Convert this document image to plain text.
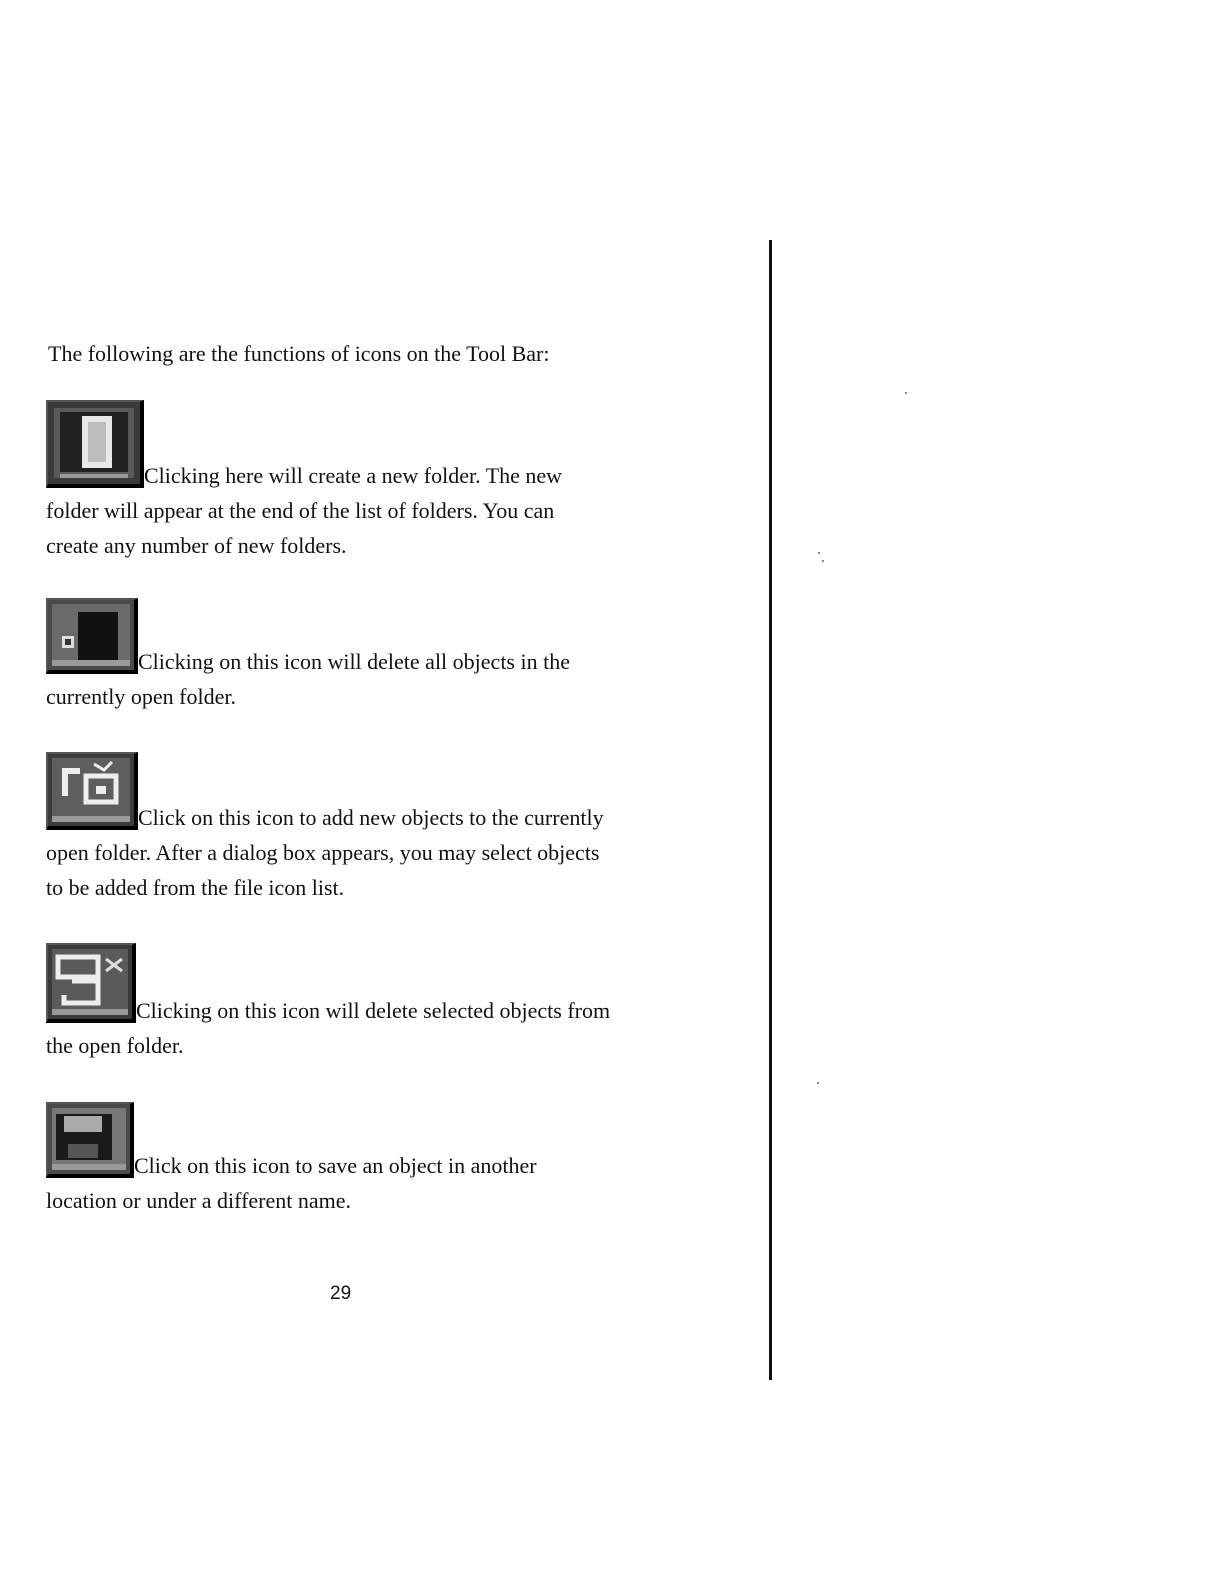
The following are the functions of icons on the Tool Bar:
Clicking here will create a new folder. The new
folder will appear at the end of the list of folders. You can
create any number of new folders.
Clicking on this icon will delete all objects in the
currently open folder.
Click on this icon to add new objects to the currently
open folder. After a dialog box appears, you may select objects
to be added from the file icon list.
Clicking on this icon will delete selected objects from
the open folder.
Click on this icon to save an object in another
location or under a different name.
29
